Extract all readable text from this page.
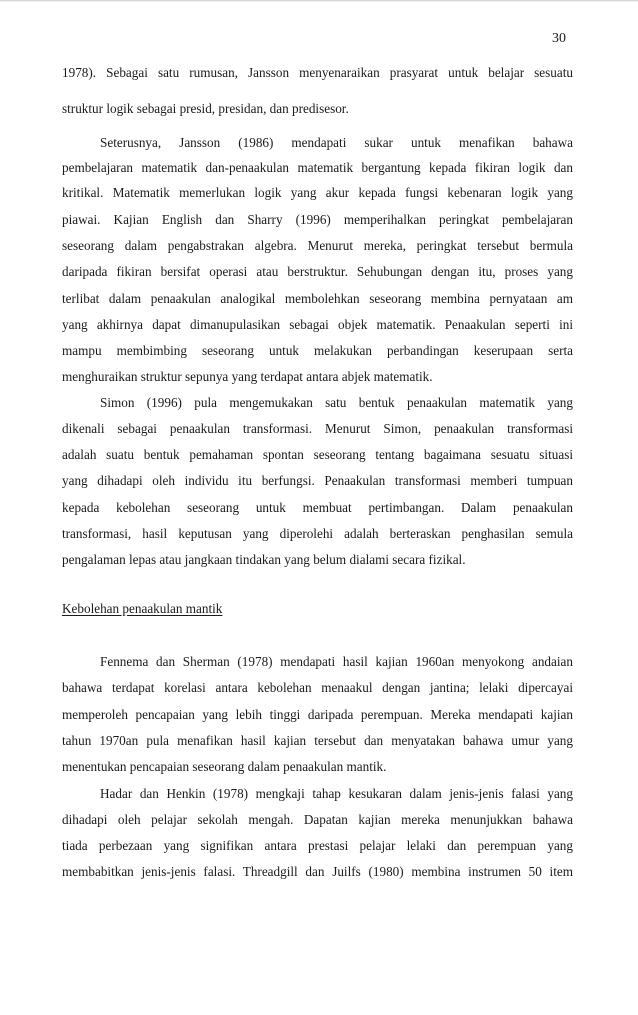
30
1978). Sebagai satu rumusan, Jansson menyenaraikan prasyarat untuk belajar sesuatu
struktur logik sebagai presid, presidan, dan predisesor.
Seterusnya, Jansson (1986) mendapati sukar untuk menafikan bahawa
pembelajaran matematik dan-penaakulan matematik bergantung kepada fikiran logik dan
kritikal. Matematik memerlukan logik yang akur kepada fungsi kebenaran logik yang
piawai. Kajian English dan Sharry (1996) memperihalkan peringkat pembelajaran
seseorang dalam pengabstrakan algebra. Menurut mereka, peringkat tersebut bermula
daripada fikiran bersifat operasi atau berstruktur. Sehubungan dengan itu, proses yang
terlibat dalam penaakulan analogikal membolehkan seseorang membina pernyataan am
yang akhirnya dapat dimanupulasikan sebagai objek matematik. Penaakulan seperti ini
mampu membimbing seseorang untuk melakukan perbandingan keserupaan serta
menghuraikan struktur sepunya yang terdapat antara abjek matematik.
Simon (1996) pula mengemukakan satu bentuk penaakulan matematik yang
dikenali sebagai penaakulan transformasi. Menurut Simon, penaakulan transformasi
adalah suatu bentuk pemahaman spontan seseorang tentang bagaimana sesuatu situasi
yang dihadapi oleh individu itu berfungsi. Penaakulan transformasi memberi tumpuan
kepada kebolehan seseorang untuk membuat pertimbangan. Dalam penaakulan
transformasi, hasil keputusan yang diperolehi adalah berteraskan penghasilan semula
pengalaman lepas atau jangkaan tindakan yang belum dialami secara fizikal.
Kebolehan penaakulan mantik
Fennema dan Sherman (1978) mendapati hasil kajian 1960an menyokong andaian
bahawa terdapat korelasi antara kebolehan menaakul dengan jantina; lelaki dipercayai
memperoleh pencapaian yang lebih tinggi daripada perempuan. Mereka mendapati kajian
tahun 1970an pula menafikan hasil kajian tersebut dan menyatakan bahawa umur yang
menentukan pencapaian seseorang dalam penaakulan mantik.
Hadar dan Henkin (1978) mengkaji tahap kesukaran dalam jenis-jenis falasi yang
dihadapi oleh pelajar sekolah mengah. Dapatan kajian mereka menunjukkan bahawa
tiada perbezaan yang signifikan antara prestasi pelajar lelaki dan perempuan yang
membabitkan jenis-jenis falasi. Threadgill dan Juilfs (1980) membina instrumen 50 item
